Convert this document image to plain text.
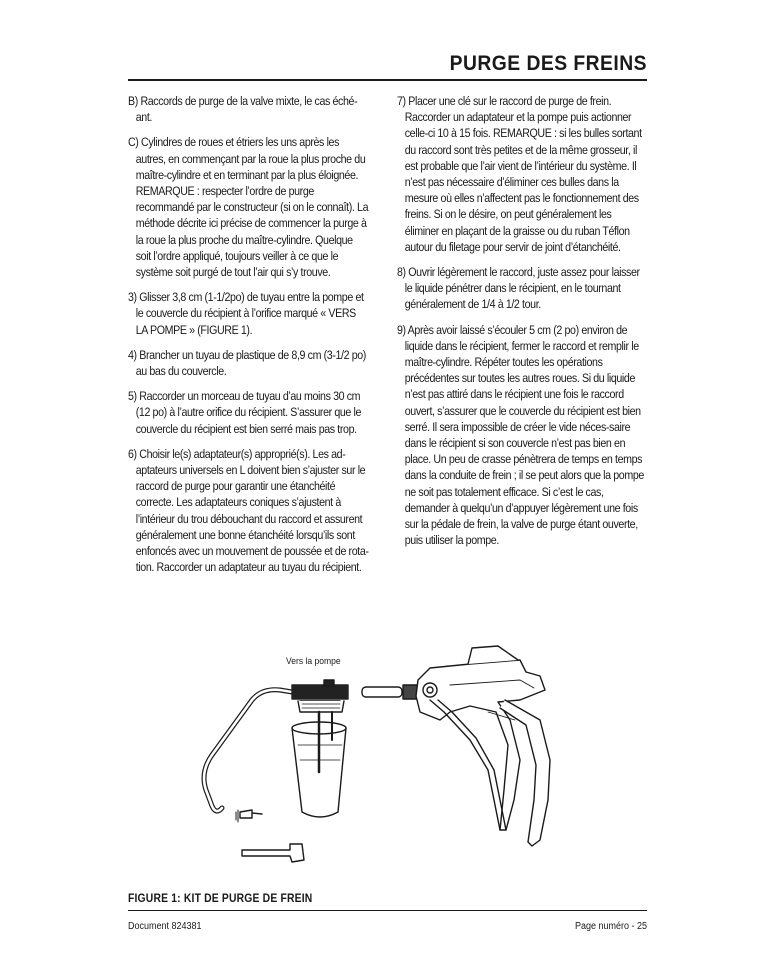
PURGE DES FREINS

B) Raccords de purge de la valve mixte, le cas éché-ant.

C) Cylindres de roues et étriers les uns après les autres, en commençant par la roue la plus proche du maître-cylindre et en terminant par la plus éloignée. REMARQUE : respecter l’ordre de purge recommandé par le constructeur (si on le connaît). La méthode décrite ici précise de commencer la purge à la roue la plus proche du maître-cylindre. Quelque soit l’ordre appliqué, toujours veiller à ce que le système soit purgé de tout l’air qui s’y trouve.

3) Glisser 3,8 cm (1-1/2po) de tuyau entre la pompe et le couvercle du récipient à l’orifice marqué « VERS LA POMPE » (FIGURE 1).

4) Brancher un tuyau de plastique de 8,9 cm (3-1/2 po) au bas du couvercle.

5) Raccorder un morceau de tuyau d’au moins 30 cm (12 po) à l’autre orifice du récipient. S’assurer que le couvercle du récipient est bien serré mais pas trop.

6) Choisir le(s) adaptateur(s) approprié(s). Les ad-aptateurs universels en L doivent bien s’ajuster sur le raccord de purge pour garantir une étanchéité correcte. Les adaptateurs coniques s’ajustent à l’intérieur du trou débouchant du raccord et assurent généralement une bonne étanchéité lorsqu’ils sont enfoncés avec un mouvement de poussée et de rota-tion. Raccorder un adaptateur au tuyau du récipient.

7) Placer une clé sur le raccord de purge de frein. Raccorder un adaptateur et la pompe puis actionner celle-ci 10 à 15 fois. REMARQUE : si les bulles sortant du raccord sont très petites et de la même grosseur, il est probable que l’air vient de l’intérieur du système. Il n’est pas nécessaire d’éliminer ces bulles dans la mesure où elles n’affectent pas le fonctionnement des freins. Si on le désire, on peut généralement les éliminer en plaçant de la graisse ou du ruban Téflon autour du filetage pour servir de joint d’étanchéité.

8) Ouvrir légèrement le raccord, juste assez pour laisser le liquide pénétrer dans le récipient, en le tournant généralement de 1/4 à 1/2 tour.

9) Après avoir laissé s’écouler 5 cm (2 po) environ de liquide dans le récipient, fermer le raccord et remplir le maître-cylindre. Répéter toutes les opérations précédentes sur toutes les autres roues. Si du liquide n’est pas attiré dans le récipient une fois le raccord ouvert, s’assurer que le couvercle du récipient est bien serré. Il sera impossible de créer le vide néces-saire dans le récipient si son couvercle n’est pas bien en place. Un peu de crasse pénètrera de temps en temps dans la conduite de frein ; il se peut alors que la pompe ne soit pas totalement efficace. Si c’est le cas, demander à quelqu’un d’appuyer légèrement une fois sur la pédale de frein, la valve de purge étant ouverte, puis utiliser la pompe.

Vers la pompe
FIGURE 1: KIT DE PURGE DE FREIN
Document 824381	Page numéro - 25
